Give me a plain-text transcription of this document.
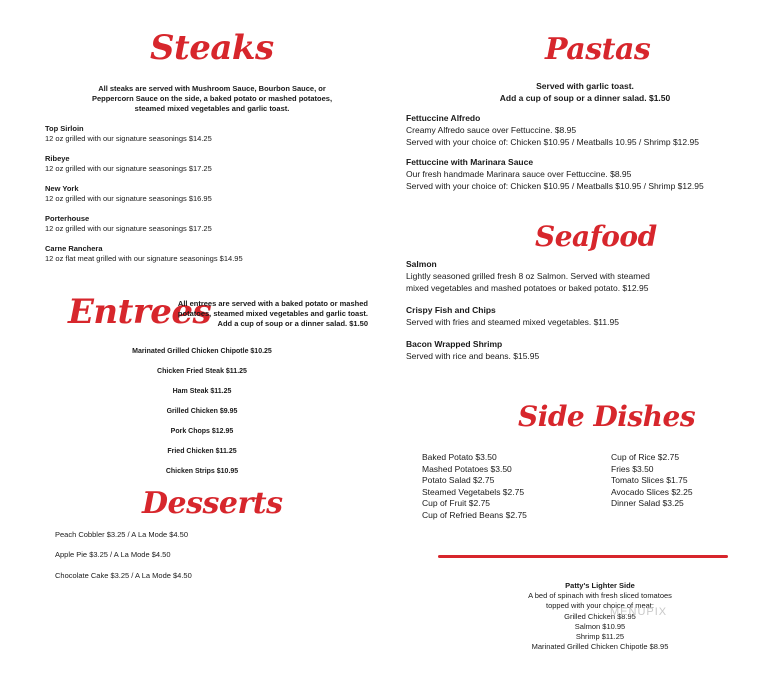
Steaks
All steaks are served with Mushroom Sauce, Bourbon Sauce, or
Peppercorn Sauce on the side, a baked potato or mashed potatoes,
steamed mixed vegetables and garlic toast.
Top Sirloin
12 oz grilled with our signature seasonings $14.25
Ribeye
12 oz grilled with our signature seasonings $17.25
New York
12 oz grilled with our signature seasonings $16.95
Porterhouse
12 oz grilled with our signature seasonings $17.25
Carne Ranchera
12 oz flat meat grilled with our signature seasonings $14.95
Entrees
All entrees are served with a baked potato or mashed
potatoes, steamed mixed vegetables and garlic toast.
Add a cup of soup or a dinner salad. $1.50
Marinated Grilled Chicken Chipotle $10.25
Chicken Fried Steak $11.25
Ham Steak $11.25
Grilled Chicken $9.95
Pork Chops $12.95
Fried Chicken $11.25
Chicken Strips $10.95
Desserts
Peach Cobbler $3.25 / A La Mode $4.50
Apple Pie $3.25 / A La Mode $4.50
Chocolate Cake $3.25 / A La Mode $4.50
Pastas
Served with garlic toast.
Add a cup of soup or a dinner salad. $1.50
Fettuccine Alfredo
Creamy Alfredo sauce over Fettuccine. $8.95
Served with your choice of: Chicken $10.95 / Meatballs 10.95 / Shrimp $12.95
Fettuccine with Marinara Sauce
Our fresh handmade Marinara sauce over Fettuccine. $8.95
Served with your choice of: Chicken $10.95 / Meatballs $10.95 / Shrimp $12.95
Seafood
Salmon
Lightly seasoned grilled fresh 8 oz Salmon. Served with steamed
mixed vegetables and mashed potatoes or baked potato. $12.95
Crispy Fish and Chips
Served with fries and steamed mixed vegetables. $11.95
Bacon Wrapped Shrimp
Served with rice and beans. $15.95
Side Dishes
Baked Potato $3.50
Mashed Potatoes $3.50
Potato Salad $2.75
Steamed Vegetabels $2.75
Cup of Fruit $2.75
Cup of Refried Beans $2.75
Cup of Rice $2.75
Fries $3.50
Tomato Slices $1.75
Avocado Slices $2.25
Dinner Salad $3.25
Patty's Lighter Side
A bed of spinach with fresh sliced tomatoes
topped with your choice of meat:
Grilled Chicken $8.95
Salmon $10.95
Shrimp $11.25
Marinated Grilled Chicken Chipotle $8.95
MENUPIX
